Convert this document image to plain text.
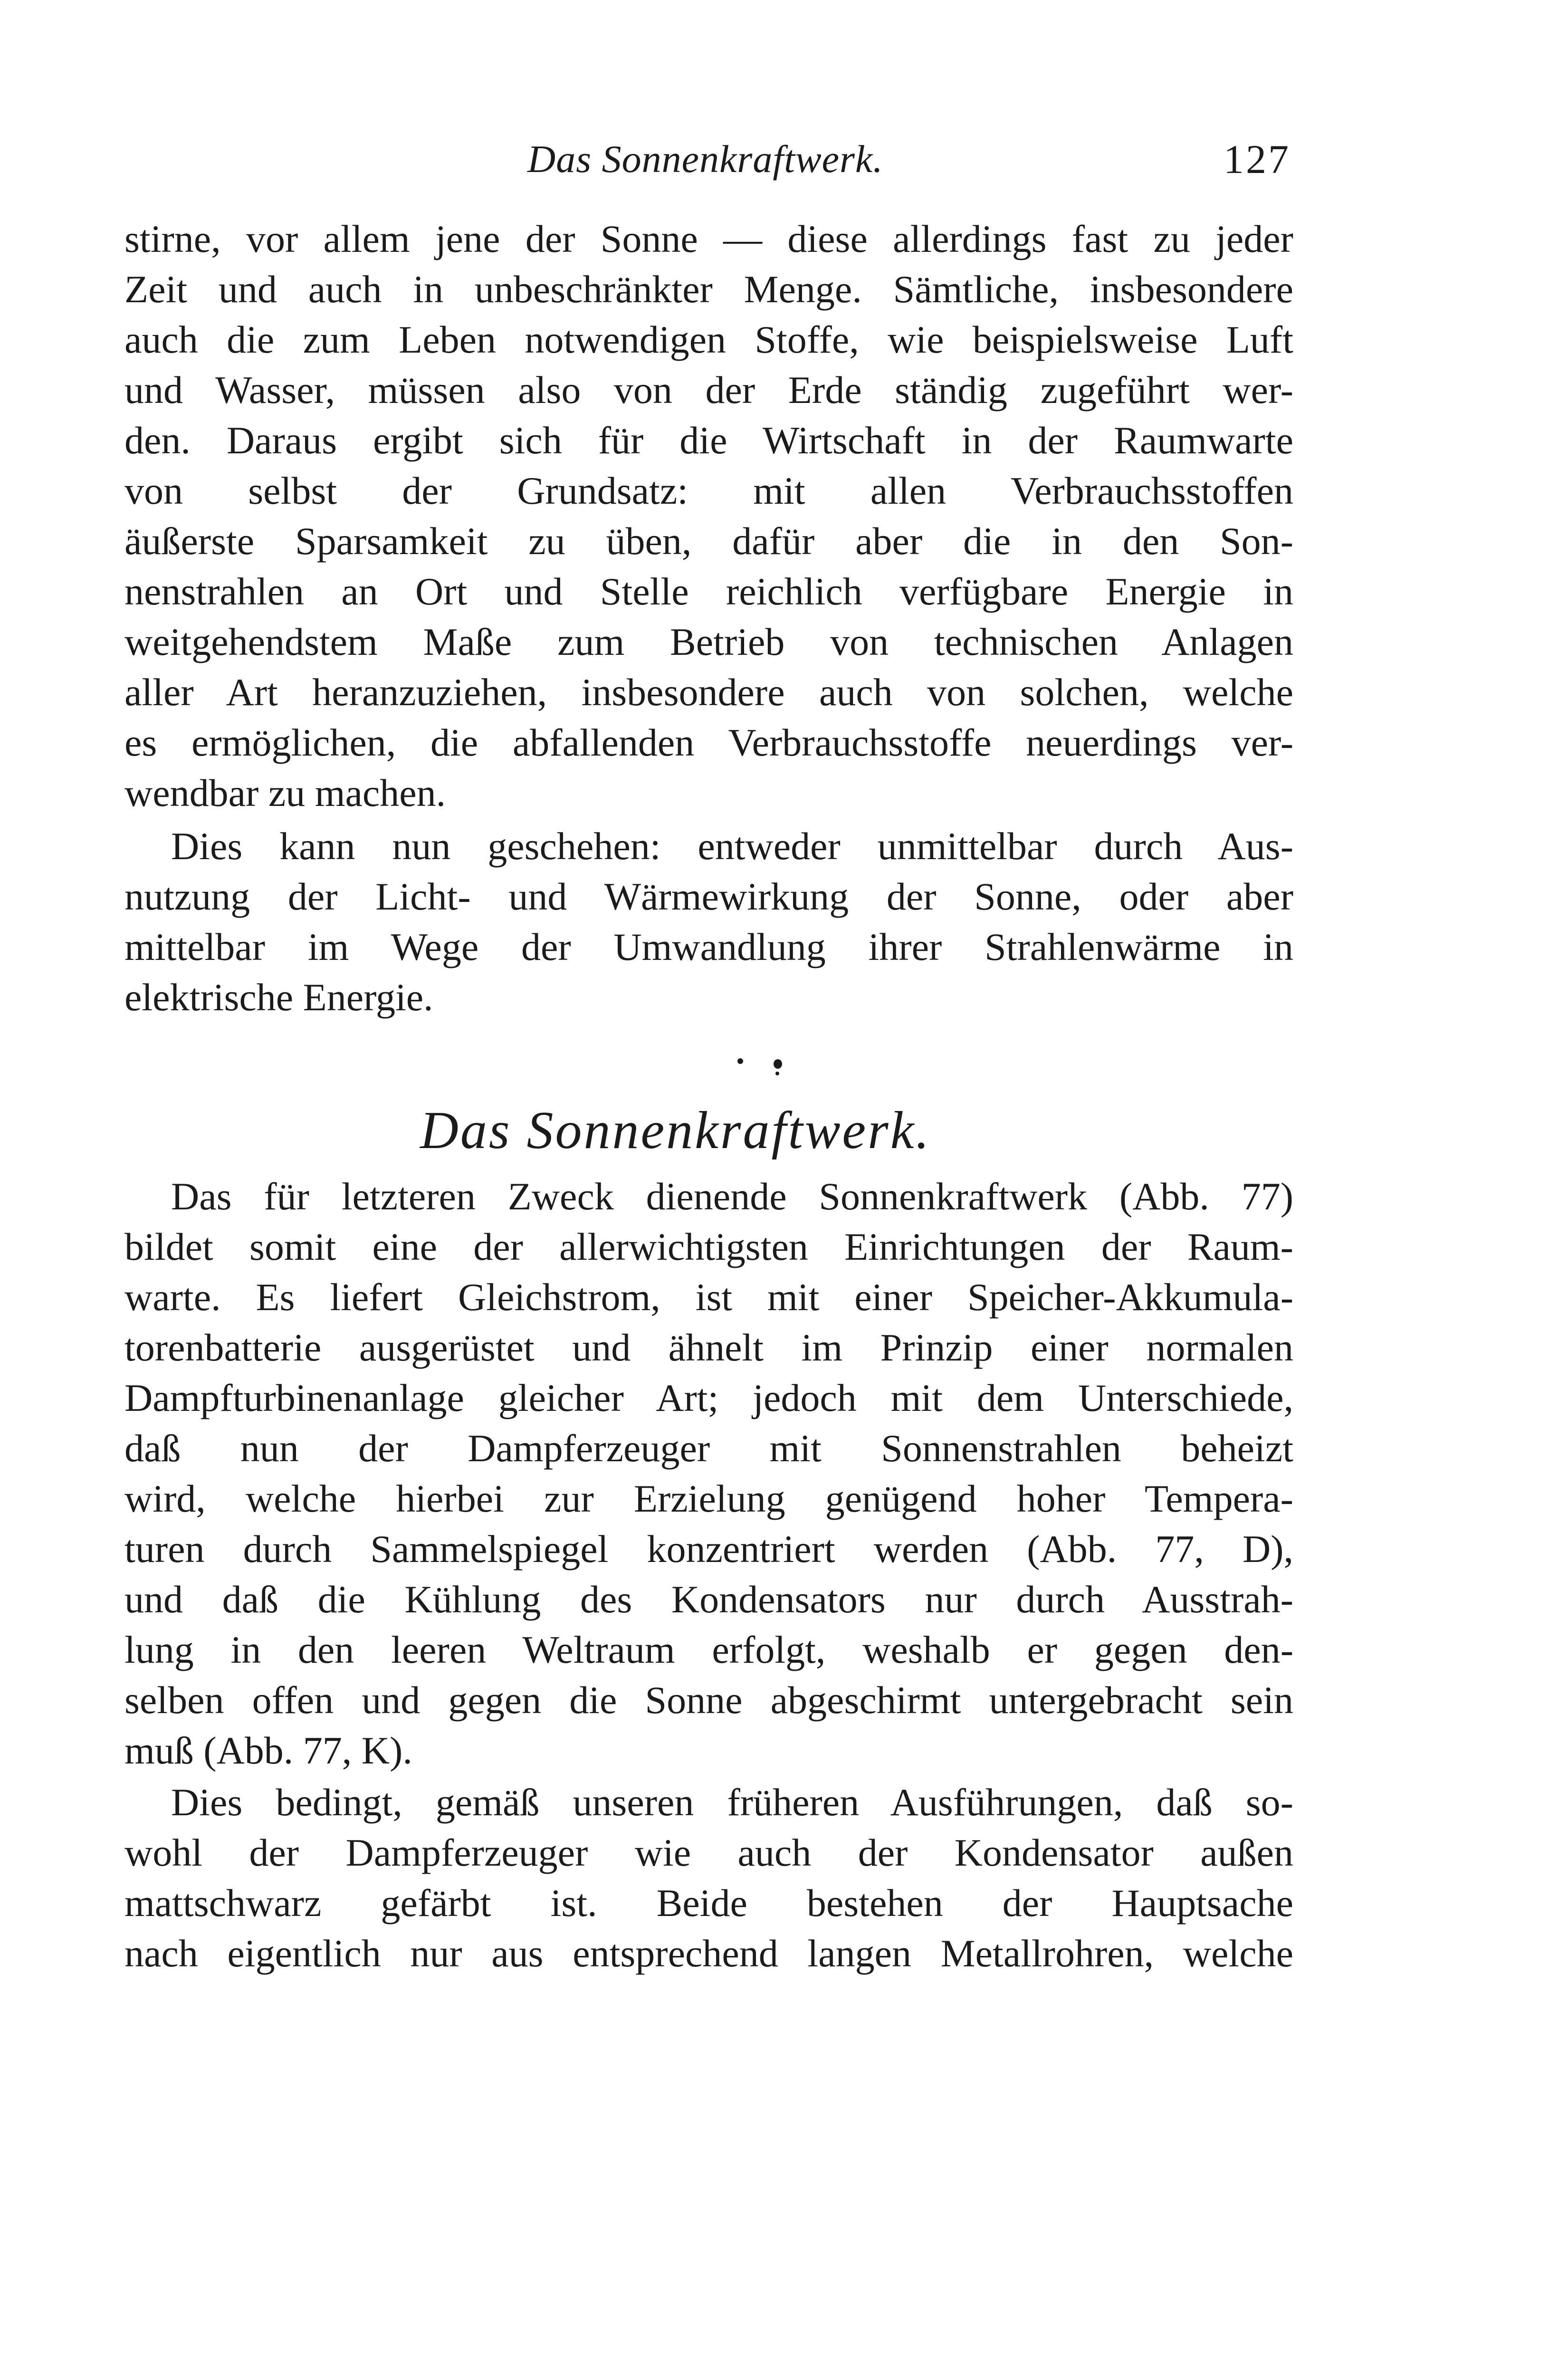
Das Sonnenkraftwerk.	127
stirne, vor allem jene der Sonne — diese allerdings fast zu jeder
Zeit und auch in unbeschränkter Menge. Sämtliche, insbesondere
auch die zum Leben notwendigen Stoffe, wie beispielsweise Luft
und Wasser, müssen also von der Erde ständig zugeführt wer-
den. Daraus ergibt sich für die Wirtschaft in der Raumwarte
von selbst der Grundsatz: mit allen Verbrauchsstoffen
äußerste Sparsamkeit zu üben, dafür aber die in den Son-
nenstrahlen an Ort und Stelle reichlich verfügbare Energie in
weitgehendstem Maße zum Betrieb von technischen Anlagen
aller Art heranzuziehen, insbesondere auch von solchen, welche
es ermöglichen, die abfallenden Verbrauchsstoffe neuerdings ver-
wendbar zu machen.
Dies kann nun geschehen: entweder unmittelbar durch Aus-
nutzung der Licht- und Wärmewirkung der Sonne, oder aber
mittelbar im Wege der Umwandlung ihrer Strahlenwärme in
elektrische Energie.
Das Sonnenkraftwerk.
Das für letzteren Zweck dienende Sonnenkraftwerk (Abb. 77)
bildet somit eine der allerwichtigsten Einrichtungen der Raum-
warte. Es liefert Gleichstrom, ist mit einer Speicher-Akkumula-
torenbatterie ausgerüstet und ähnelt im Prinzip einer normalen
Dampfturbinenanlage gleicher Art; jedoch mit dem Unterschiede,
daß nun der Dampferzeuger mit Sonnenstrahlen beheizt
wird, welche hierbei zur Erzielung genügend hoher Tempera-
turen durch Sammelspiegel konzentriert werden (Abb. 77, D),
und daß die Kühlung des Kondensators nur durch Ausstrah-
lung in den leeren Weltraum erfolgt, weshalb er gegen den-
selben offen und gegen die Sonne abgeschirmt untergebracht sein
muß (Abb. 77, K).
Dies bedingt, gemäß unseren früheren Ausführungen, daß so-
wohl der Dampferzeuger wie auch der Kondensator außen
mattschwarz gefärbt ist. Beide bestehen der Hauptsache
nach eigentlich nur aus entsprechend langen Metallrohren, welche
